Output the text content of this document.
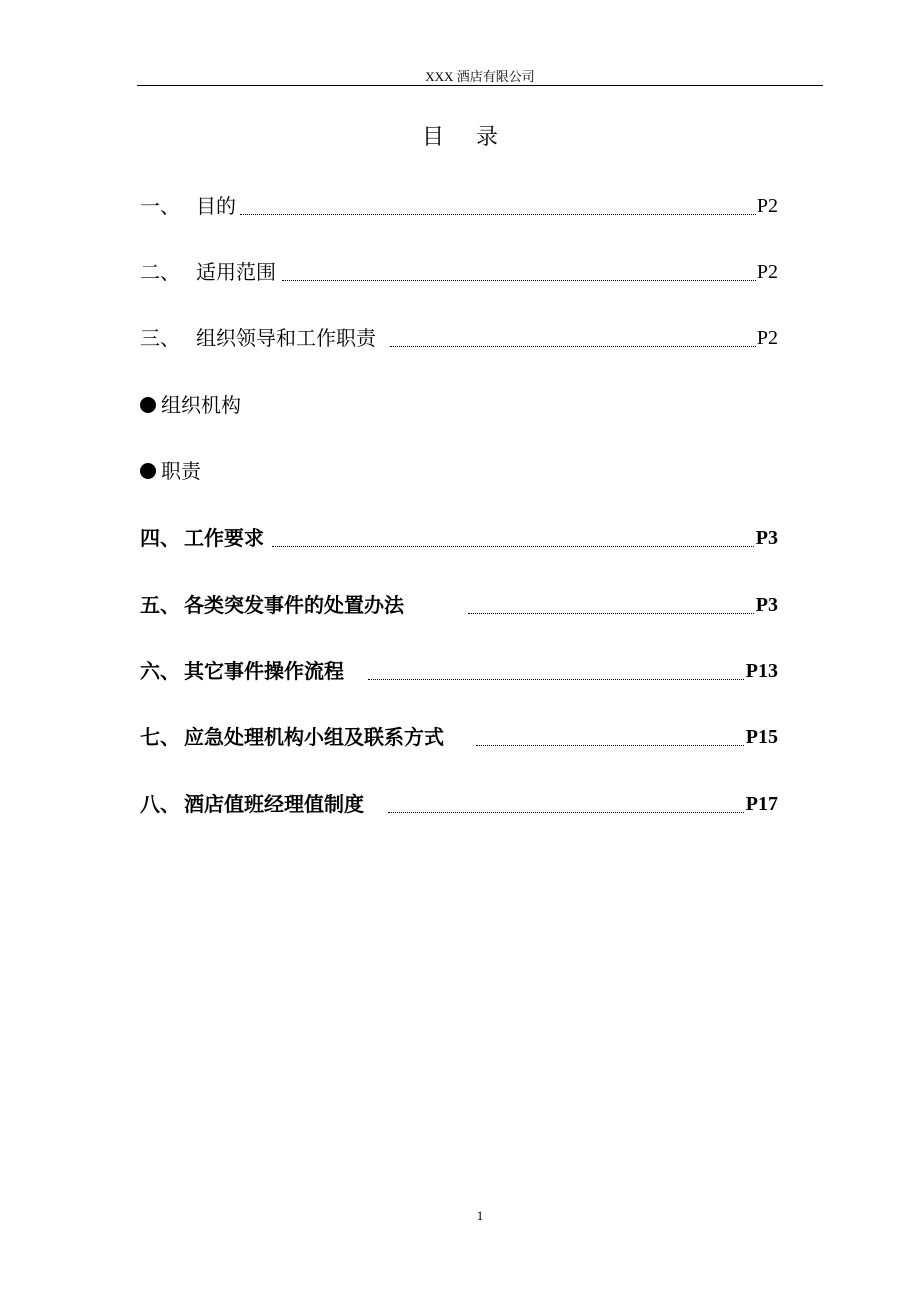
XXX 酒店有限公司
目录
一、 目的	P2
二、 适用范围	P2
三、 组织领导和工作职责	P2
组织机构
职责
四、 工作要求	P3
五、 各类突发事件的处置办法	P3
六、 其它事件操作流程	P13
七、 应急处理机构小组及联系方式	P15
八、 酒店值班经理值制度	P17
1
